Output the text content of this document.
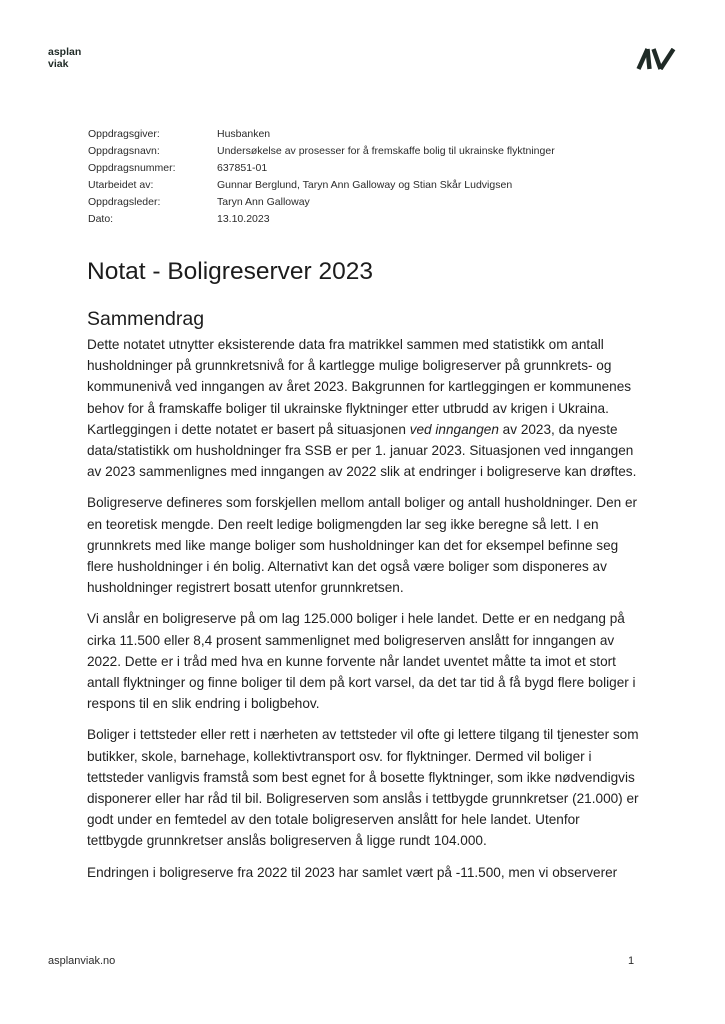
asplan
viak
Oppdragsgiver:	Husbanken
Oppdragsnavn:	Undersøkelse av prosesser for å fremskaffe bolig til ukrainske flyktninger
Oppdragsnummer:	637851-01
Utarbeidet av:	Gunnar Berglund, Taryn Ann Galloway og Stian Skår Ludvigsen
Oppdragsleder:	Taryn Ann Galloway
Dato:	13.10.2023
Notat - Boligreserver 2023
Sammendrag

Dette notatet utnytter eksisterende data fra matrikkel sammen med statistikk om antall husholdninger på grunnkretsnivå for å kartlegge mulige boligreserver på grunnkrets- og kommunenivå ved inngangen av året 2023. Bakgrunnen for kartleggingen er kommunenes behov for å framskaffe boliger til ukrainske flyktninger etter utbrudd av krigen i Ukraina. Kartleggingen i dette notatet er basert på situasjonen ved inngangen av 2023, da nyeste data/statistikk om husholdninger fra SSB er per 1. januar 2023. Situasjonen ved inngangen av 2023 sammenlignes med inngangen av 2022 slik at endringer i boligreserve kan drøftes.

Boligreserve defineres som forskjellen mellom antall boliger og antall husholdninger. Den er en teoretisk mengde. Den reelt ledige boligmengden lar seg ikke beregne så lett. I en grunnkrets med like mange boliger som husholdninger kan det for eksempel befinne seg flere husholdninger i én bolig. Alternativt kan det også være boliger som disponeres av husholdninger registrert bosatt utenfor grunnkretsen.

Vi anslår en boligreserve på om lag 125.000 boliger i hele landet. Dette er en nedgang på cirka 11.500 eller 8,4 prosent sammenlignet med boligreserven anslått for inngangen av 2022. Dette er i tråd med hva en kunne forvente når landet uventet måtte ta imot et stort antall flyktninger og finne boliger til dem på kort varsel, da det tar tid å få bygd flere boliger i respons til en slik endring i boligbehov.

Boliger i tettsteder eller rett i nærheten av tettsteder vil ofte gi lettere tilgang til tjenester som butikker, skole, barnehage, kollektivtransport osv. for flyktninger. Dermed vil boliger i tettsteder vanligvis framstå som best egnet for å bosette flyktninger, som ikke nødvendigvis disponerer eller har råd til bil. Boligreserven som anslås i tettbygde grunnkretser (21.000) er godt under en femtedel av den totale boligreserven anslått for hele landet. Utenfor tettbygde grunnkretser anslås boligreserven å ligge rundt 104.000.

Endringen i boligreserve fra 2022 til 2023 har samlet vært på -11.500, men vi observerer

asplanviak.no	1
